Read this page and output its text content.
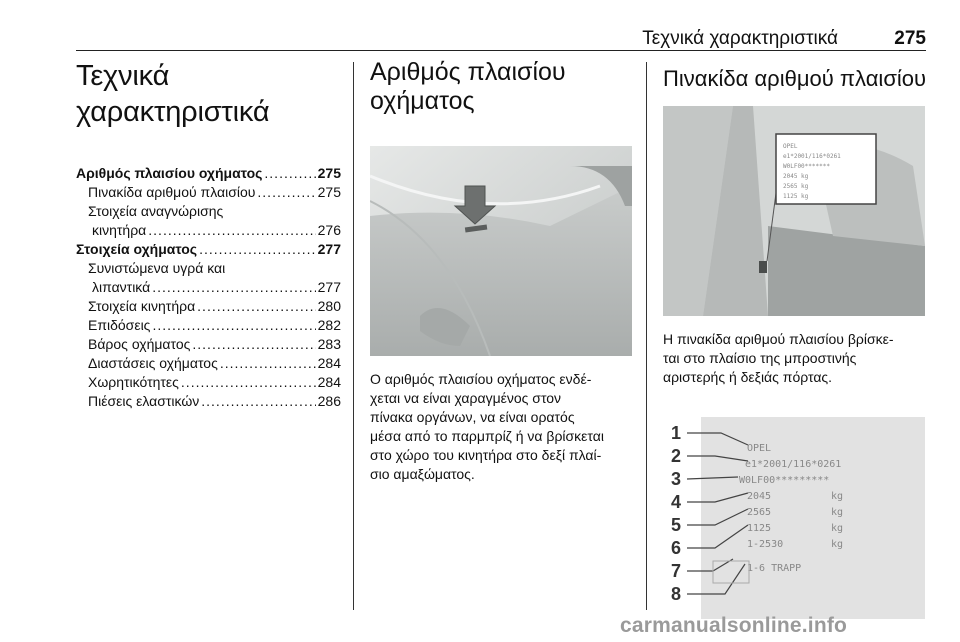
Τεχνικά χαρακτηριστικά	275
Τεχνικά
χαρακτηριστικά
Αριθμός πλαισίου οχήματος .....	275
Πινακίδα αριθμού πλαισίου .....	275
Στοιχεία αναγνώρισης
κινητήρα .....	276
Στοιχεία οχήματος .....	277
Συνιστώμενα υγρά και
λιπαντικά .....	277
Στοιχεία κινητήρα .....	280
Επιδόσεις .....	282
Βάρος οχήματος .....	283
Διαστάσεις οχήματος .....	284
Χωρητικότητες .....	284
Πιέσεις ελαστικών .....	286
Αριθμός πλαισίου
οχήματος
Ο αριθμός πλαισίου οχήματος ενδέ-
χεται να είναι χαραγμένος στον
πίνακα οργάνων, να είναι ορατός
μέσα από το παρμπρίζ ή να βρίσκεται
στο χώρο του κινητήρα στο δεξί πλαί-
σιο αμαξώματος.
Πινακίδα αριθμού πλαισίου
OPEL
e1*2001/116*0261
W0LF00*******
2045 kg
2565 kg
1125 kg
Η πινακίδα αριθμού πλαισίου βρίσκε-
ται στο πλαίσιο της μπροστινής
αριστερής ή δεξιάς πόρτας.
1
2
3
4
5
6
7
8
OPEL
e1*2001/116*0261
W0LF00*********
2045
2565
1125
1-2530
kg
kg
kg
kg
1-6 TRAPP
carmanualsonline.info
